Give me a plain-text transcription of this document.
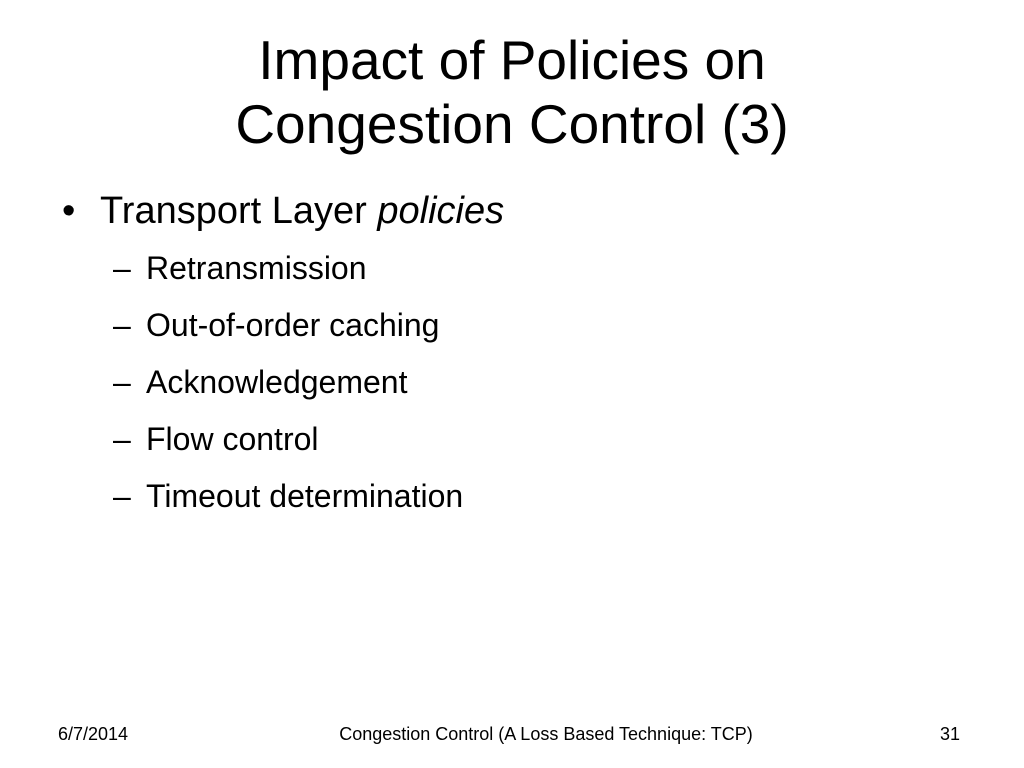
Impact of Policies on
Congestion Control (3)

• Transport Layer policies

– Retransmission
– Out-of-order caching
– Acknowledgement
– Flow control
– Timeout determination
6/7/2014	Congestion Control (A Loss Based Technique: TCP)	31
